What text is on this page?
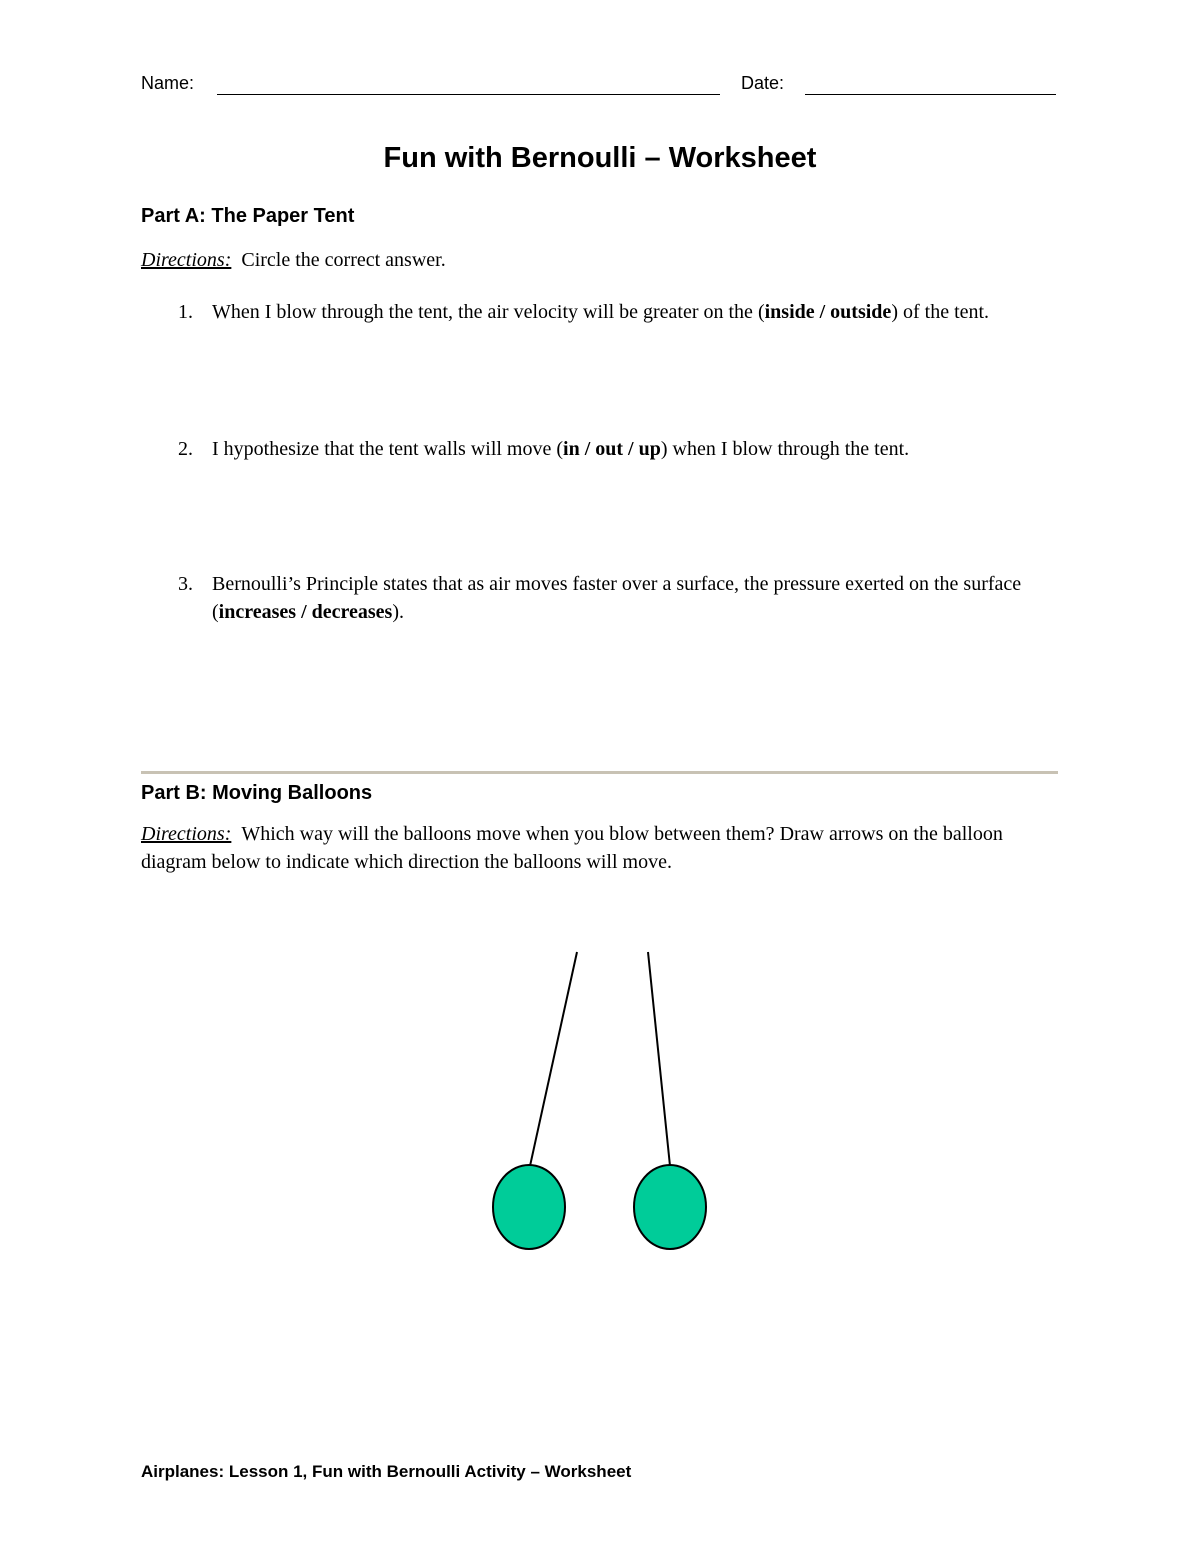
Name:	Date:
Fun with Bernoulli – Worksheet
Part A: The Paper Tent
Directions: Circle the correct answer.
1. When I blow through the tent, the air velocity will be greater on the (inside / outside) of the tent.
2. I hypothesize that the tent walls will move (in / out / up) when I blow through the tent.
3. Bernoulli’s Principle states that as air moves faster over a surface, the pressure exerted on the surface (increases / decreases).
Part B: Moving Balloons
Directions: Which way will the balloons move when you blow between them? Draw arrows on the balloon diagram below to indicate which direction the balloons will move.
Airplanes: Lesson 1, Fun with Bernoulli Activity – Worksheet
